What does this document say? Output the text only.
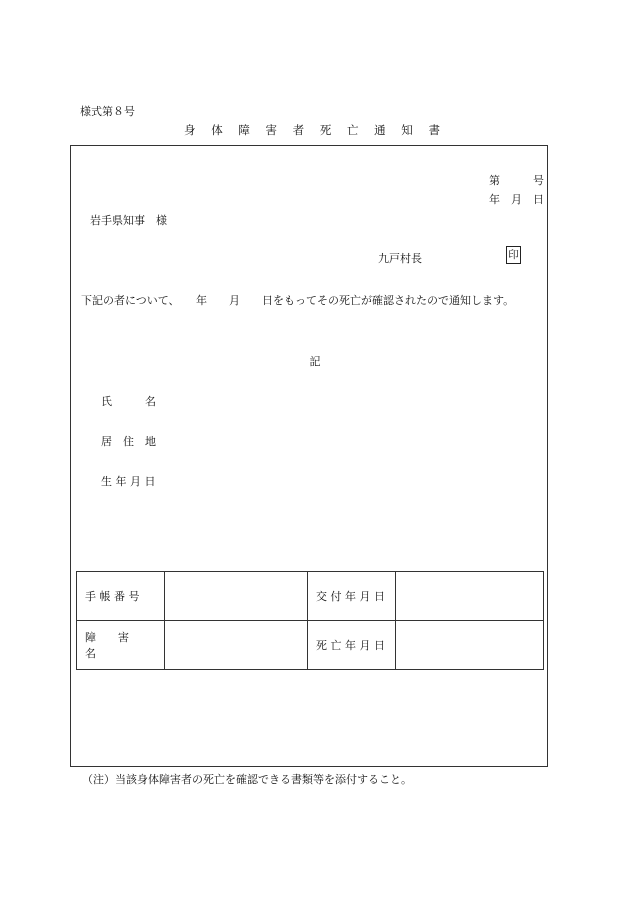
様式第８号
身 体 障 害 者 死 亡 通 知 書
第　　　号
年　月　日
岩手県知事　様
九戸村長	印
下記の者について、　　年　　月　　日をもってその死亡が確認されたので通知します。
記
氏　　　名
居　住　地
生 年 月 日
手 帳 番 号		交 付 年 月 日	
障　　害　　名		死 亡 年 月 日	
（注）当該身体障害者の死亡を確認できる書類等を添付すること。
